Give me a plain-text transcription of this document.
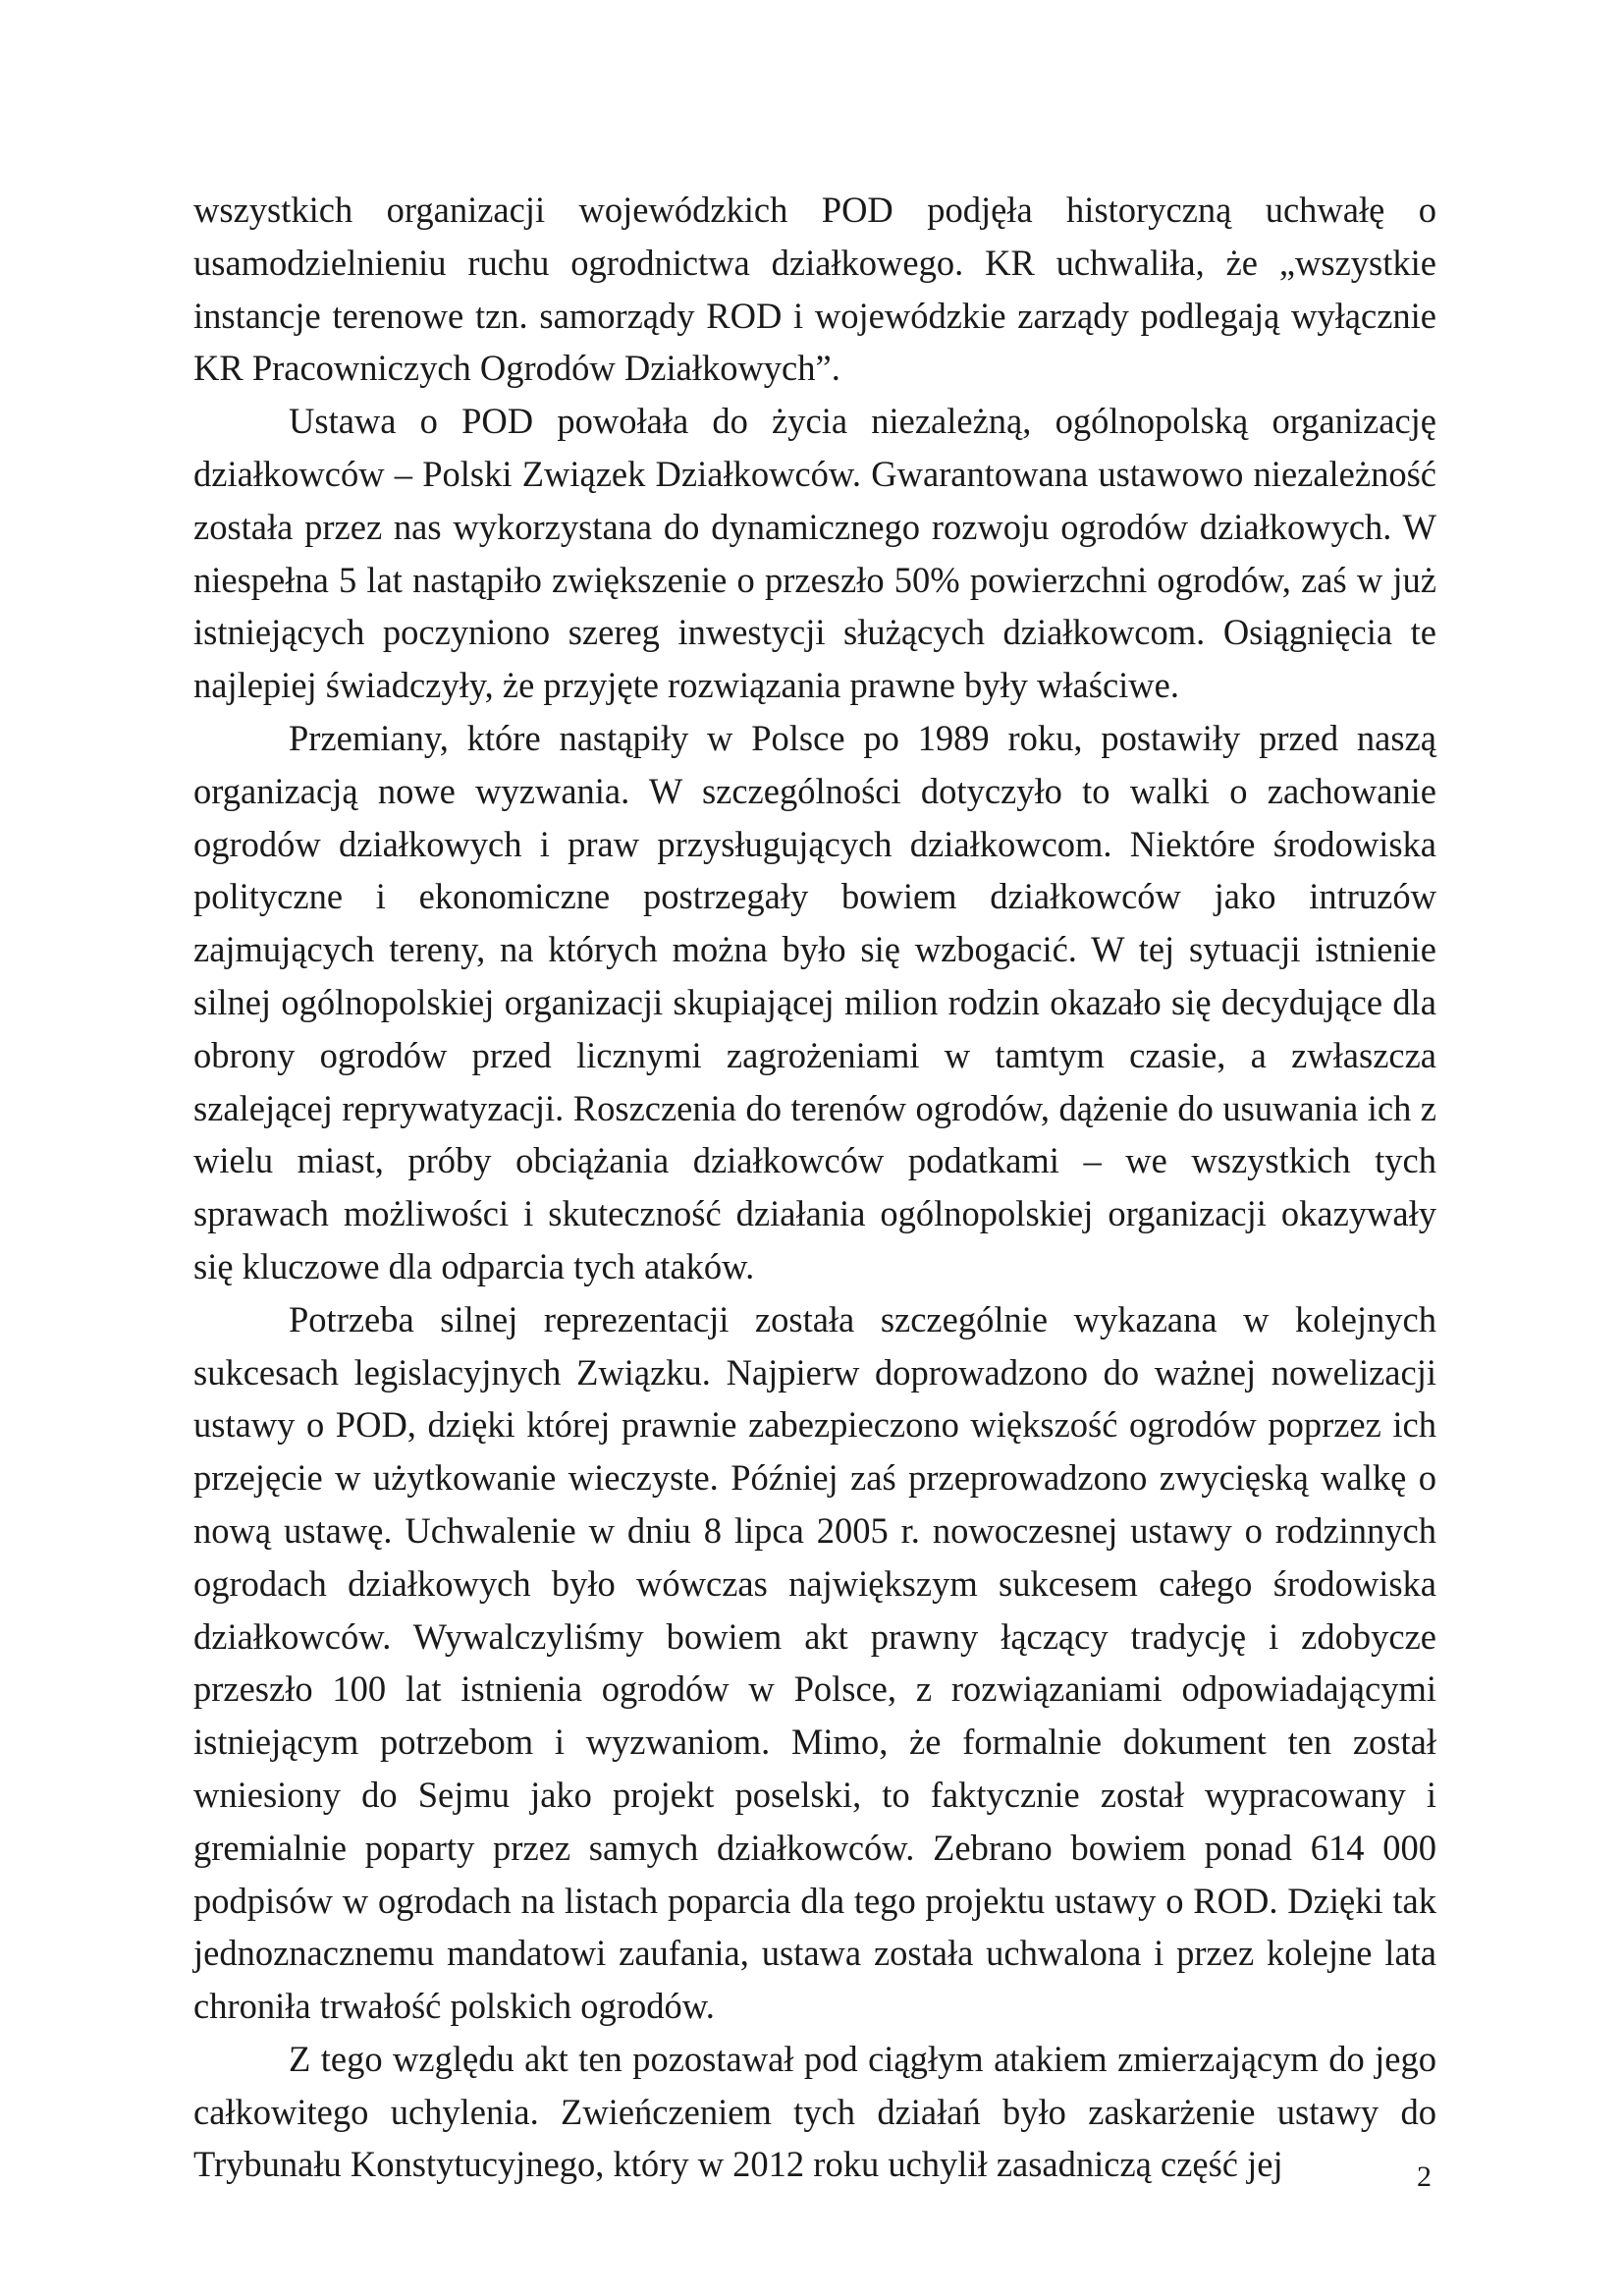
wszystkich organizacji wojewódzkich POD podjęła historyczną uchwałę o usamodzielnieniu ruchu ogrodnictwa działkowego. KR uchwaliła, że „wszystkie instancje terenowe tzn. samorządy ROD i wojewódzkie zarządy podlegają wyłącznie KR Pracowniczych Ogrodów Działkowych”.

Ustawa o POD powołała do życia niezależną, ogólnopolską organizację działkowców – Polski Związek Działkowców. Gwarantowana ustawowo niezależność została przez nas wykorzystana do dynamicznego rozwoju ogrodów działkowych. W niespełna 5 lat nastąpiło zwiększenie o przeszło 50% powierzchni ogrodów, zaś w już istniejących poczyniono szereg inwestycji służących działkowcom. Osiągnięcia te najlepiej świadczyły, że przyjęte rozwiązania prawne były właściwe.

Przemiany, które nastąpiły w Polsce po 1989 roku, postawiły przed naszą organizacją nowe wyzwania. W szczególności dotyczyło to walki o zachowanie ogrodów działkowych i praw przysługujących działkowcom. Niektóre środowiska polityczne i ekonomiczne postrzegały bowiem działkowców jako intruzów zajmujących tereny, na których można było się wzbogacić. W tej sytuacji istnienie silnej ogólnopolskiej organizacji skupiającej milion rodzin okazało się decydujące dla obrony ogrodów przed licznymi zagrożeniami w tamtym czasie, a zwłaszcza szalejącej reprywatyzacji. Roszczenia do terenów ogrodów, dążenie do usuwania ich z wielu miast, próby obciążania działkowców podatkami – we wszystkich tych sprawach możliwości i skuteczność działania ogólnopolskiej organizacji okazywały się kluczowe dla odparcia tych ataków.

Potrzeba silnej reprezentacji została szczególnie wykazana w kolejnych sukcesach legislacyjnych Związku. Najpierw doprowadzono do ważnej nowelizacji ustawy o POD, dzięki której prawnie zabezpieczono większość ogrodów poprzez ich przejęcie w użytkowanie wieczyste. Później zaś przeprowadzono zwycięską walkę o nową ustawę. Uchwalenie w dniu 8 lipca 2005 r. nowoczesnej ustawy o rodzinnych ogrodach działkowych było wówczas największym sukcesem całego środowiska działkowców. Wywalczyliśmy bowiem akt prawny łączący tradycję i zdobycze przeszło 100 lat istnienia ogrodów w Polsce, z rozwiązaniami odpowiadającymi istniejącym potrzebom i wyzwaniom. Mimo, że formalnie dokument ten został wniesiony do Sejmu jako projekt poselski, to faktycznie został wypracowany i gremialnie poparty przez samych działkowców. Zebrano bowiem ponad 614 000 podpisów w ogrodach na listach poparcia dla tego projektu ustawy o ROD. Dzięki tak jednoznacznemu mandatowi zaufania, ustawa została uchwalona i przez kolejne lata chroniła trwałość polskich ogrodów.

Z tego względu akt ten pozostawał pod ciągłym atakiem zmierzającym do jego całkowitego uchylenia. Zwieńczeniem tych działań było zaskarżenie ustawy do Trybunału Konstytucyjnego, który w 2012 roku uchylił zasadniczą część jej	2
